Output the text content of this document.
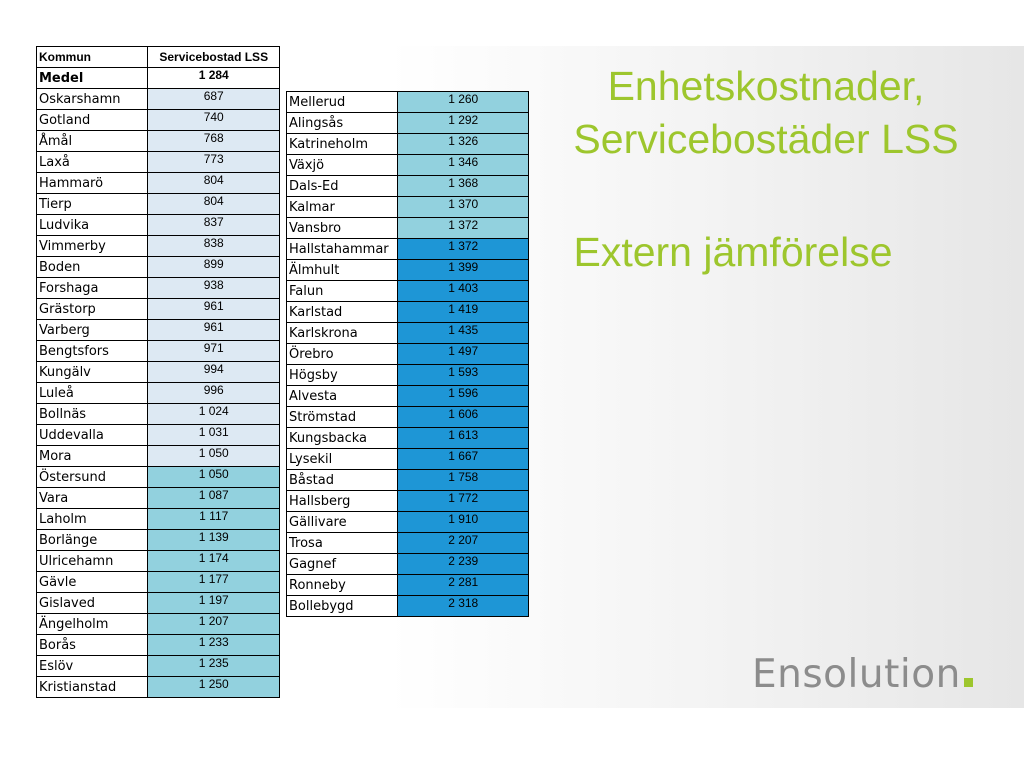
Kommun	Servicebostad LSS
Medel	1 284
Oskarshamn	687
Gotland	740
Åmål	768
Laxå	773
Hammarö	804
Tierp	804
Ludvika	837
Vimmerby	838
Boden	899
Forshaga	938
Grästorp	961
Varberg	961
Bengtsfors	971
Kungälv	994
Luleå	996
Bollnäs	1 024
Uddevalla	1 031
Mora	1 050
Östersund	1 050
Vara	1 087
Laholm	1 117
Borlänge	1 139
Ulricehamn	1 174
Gävle	1 177
Gislaved	1 197
Ängelholm	1 207
Borås	1 233
Eslöv	1 235
Kristianstad	1 250
Mellerud	1 260
Alingsås	1 292
Katrineholm	1 326
Växjö	1 346
Dals-Ed	1 368
Kalmar	1 370
Vansbro	1 372
Hallstahammar	1 372
Älmhult	1 399
Falun	1 403
Karlstad	1 419
Karlskrona	1 435
Örebro	1 497
Högsby	1 593
Alvesta	1 596
Strömstad	1 606
Kungsbacka	1 613
Lysekil	1 667
Båstad	1 758
Hallsberg	1 772
Gällivare	1 910
Trosa	2 207
Gagnef	2 239
Ronneby	2 281
Bollebygd	2 318
Enhetskostnader,
Servicebostäder LSS
Extern jämförelse
Ensolution
